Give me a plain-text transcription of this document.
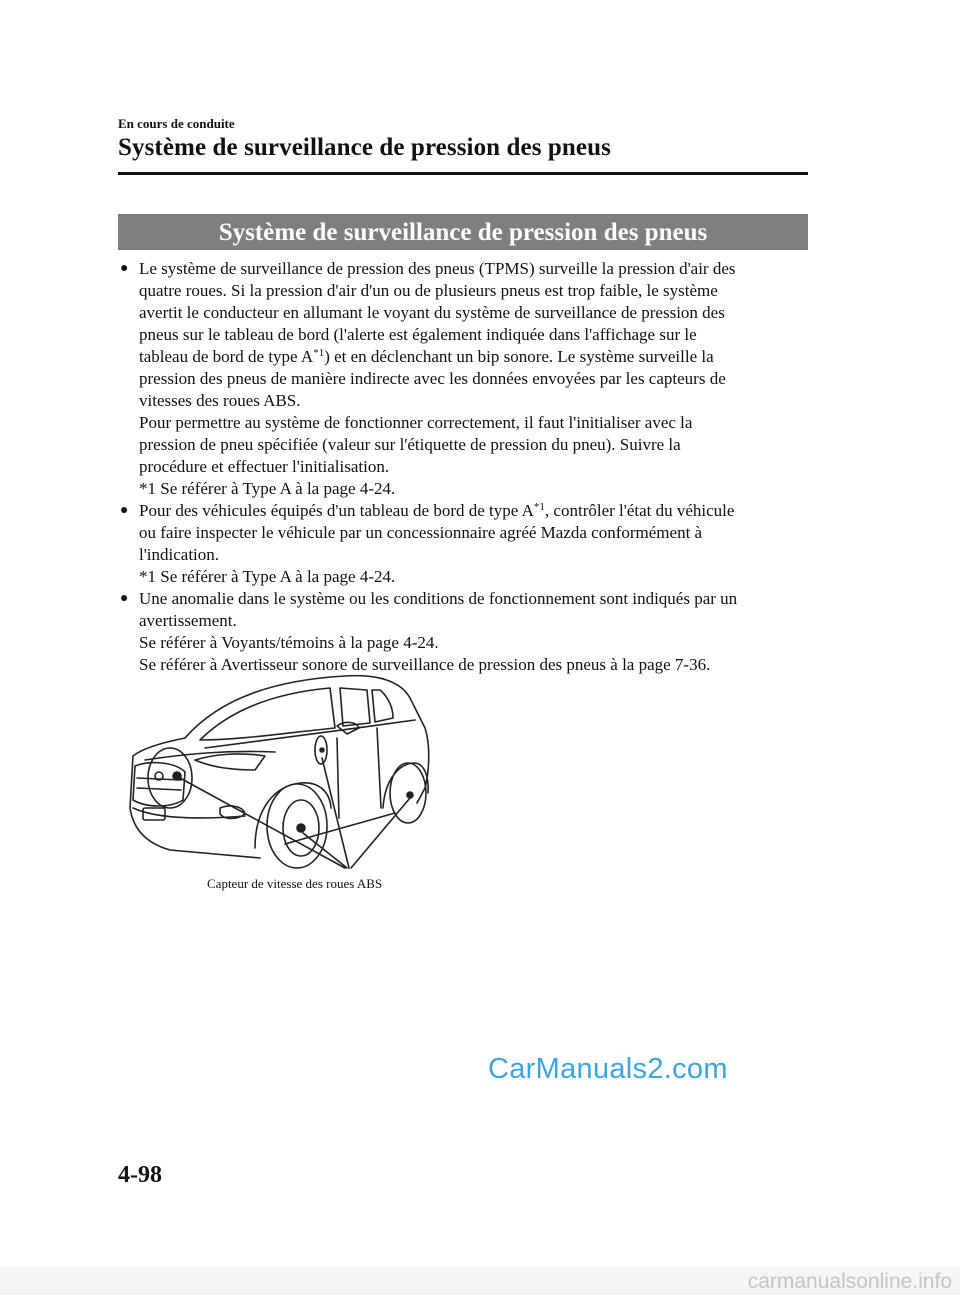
En cours de conduite
Système de surveillance de pression des pneus
Système de surveillance de pression des pneus
● Le système de surveillance de pression des pneus (TPMS) surveille la pression d'air des

quatre roues. Si la pression d'air d'un ou de plusieurs pneus est trop faible, le système

avertit le conducteur en allumant le voyant du système de surveillance de pression des

pneus sur le tableau de bord (l'alerte est également indiquée dans l'affichage sur le

tableau de bord de type $A^{*1}$) et en déclenchant un bip sonore. Le système surveille la

pression des pneus de manière indirecte avec les données envoyées par les capteurs de

vitesses des roues ABS.

Pour permettre au système de fonctionner correctement, il faut l'initialiser avec la

pression de pneu spécifiée (valeur sur l'étiquette de pression du pneu). Suivre la

procédure et effectuer l'initialisation.

*1 Se référer à Type A à la page 4-24.

● Pour des véhicules équipés d'un tableau de bord de type $A^{*1}$, contrôler l'état du véhicule

ou faire inspecter le véhicule par un concessionnaire agréé Mazda conformément à

l'indication.

*1 Se référer à Type A à la page 4-24.

● Une anomalie dans le système ou les conditions de fonctionnement sont indiqués par un

avertissement.

Se référer à Voyants/témoins à la page 4-24.

Se référer à Avertisseur sonore de surveillance de pression des pneus à la page 7-36.

Capteur de vitesse des roues ABS
CarManuals2.com
4-98
carmanualsonline.info
